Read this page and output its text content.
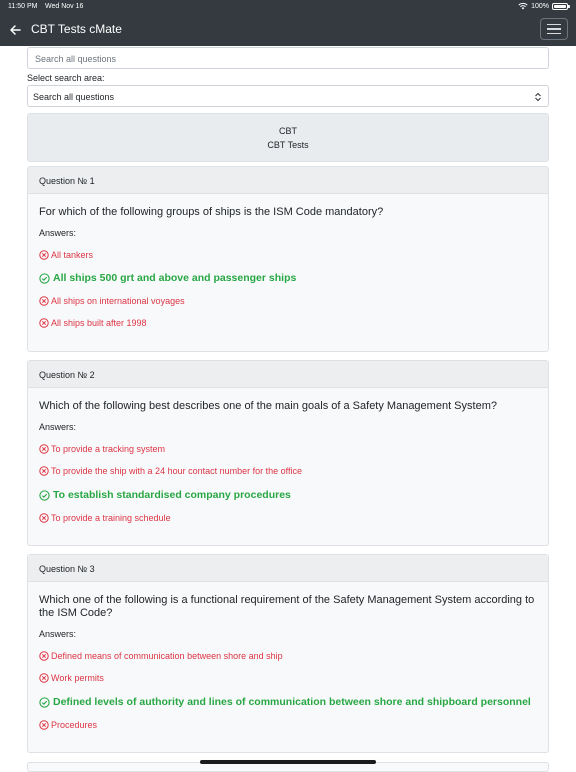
11:50 PM Wed Nov 16	100%
CBT Tests cMate
Search all questions
Select search area:
Search all questions
CBT
CBT Tests
Question № 1
For which of the following groups of ships is the ISM Code mandatory?
Answers:
All tankers
All ships 500 grt and above and passenger ships
All ships on international voyages
All ships built after 1998
Question № 2
Which of the following best describes one of the main goals of a Safety Management System?
Answers:
To provide a tracking system
To provide the ship with a 24 hour contact number for the office
To establish standardised company procedures
To provide a training schedule
Question № 3
Which one of the following is a functional requirement of the Safety Management System according to the ISM Code?
Answers:
Defined means of communication between shore and ship
Work permits
Defined levels of authority and lines of communication between shore and shipboard personnel
Procedures
